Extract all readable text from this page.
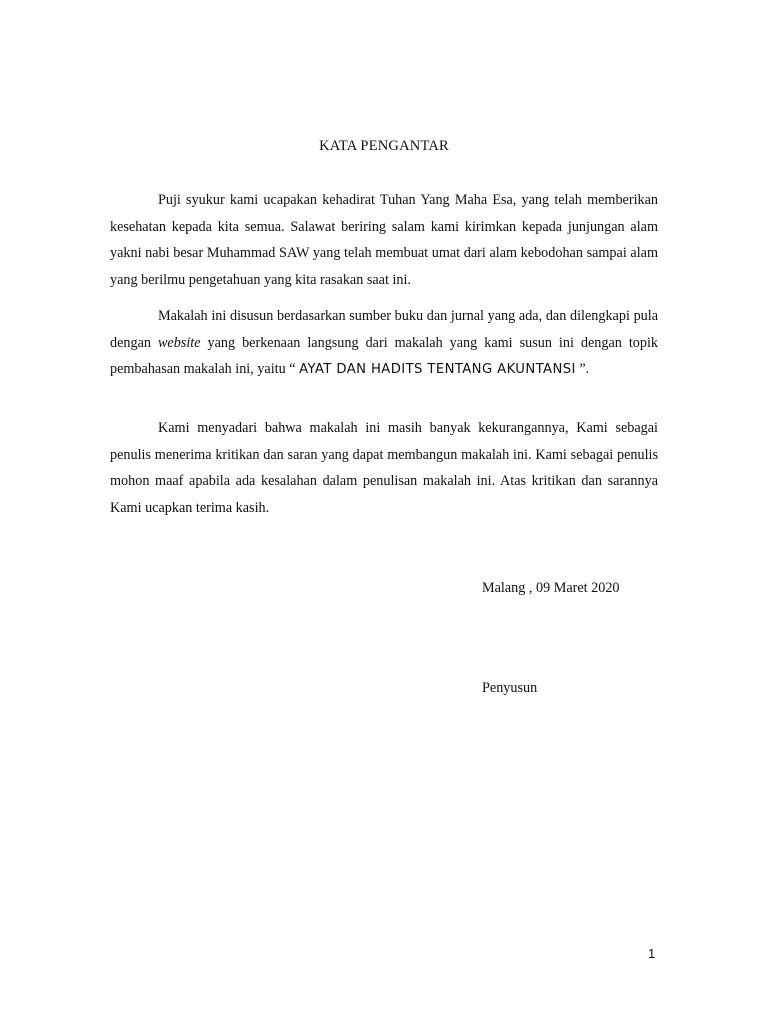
KATA PENGANTAR

Puji syukur kami ucapakan kehadirat Tuhan Yang Maha Esa, yang telah memberikan kesehatan kepada kita semua. Salawat beriring salam kami kirimkan kepada junjungan alam yakni nabi besar Muhammad SAW yang telah membuat umat dari alam kebodohan sampai alam yang berilmu pengetahuan yang kita rasakan saat ini.

Makalah ini disusun berdasarkan sumber buku dan jurnal yang ada, dan dilengkapi pula dengan website yang berkenaan langsung dari makalah yang kami susun ini dengan topik pembahasan makalah ini, yaitu “ AYAT DAN HADITS TENTANG AKUNTANSI ”.

Kami menyadari bahwa makalah ini masih banyak kekurangannya, Kami sebagai penulis menerima kritikan dan saran yang dapat membangun makalah ini. Kami sebagai penulis mohon maaf apabila ada kesalahan dalam penulisan makalah ini. Atas kritikan dan sarannya Kami ucapkan terima kasih.

Malang , 09 Maret 2020
Penyusun
1
